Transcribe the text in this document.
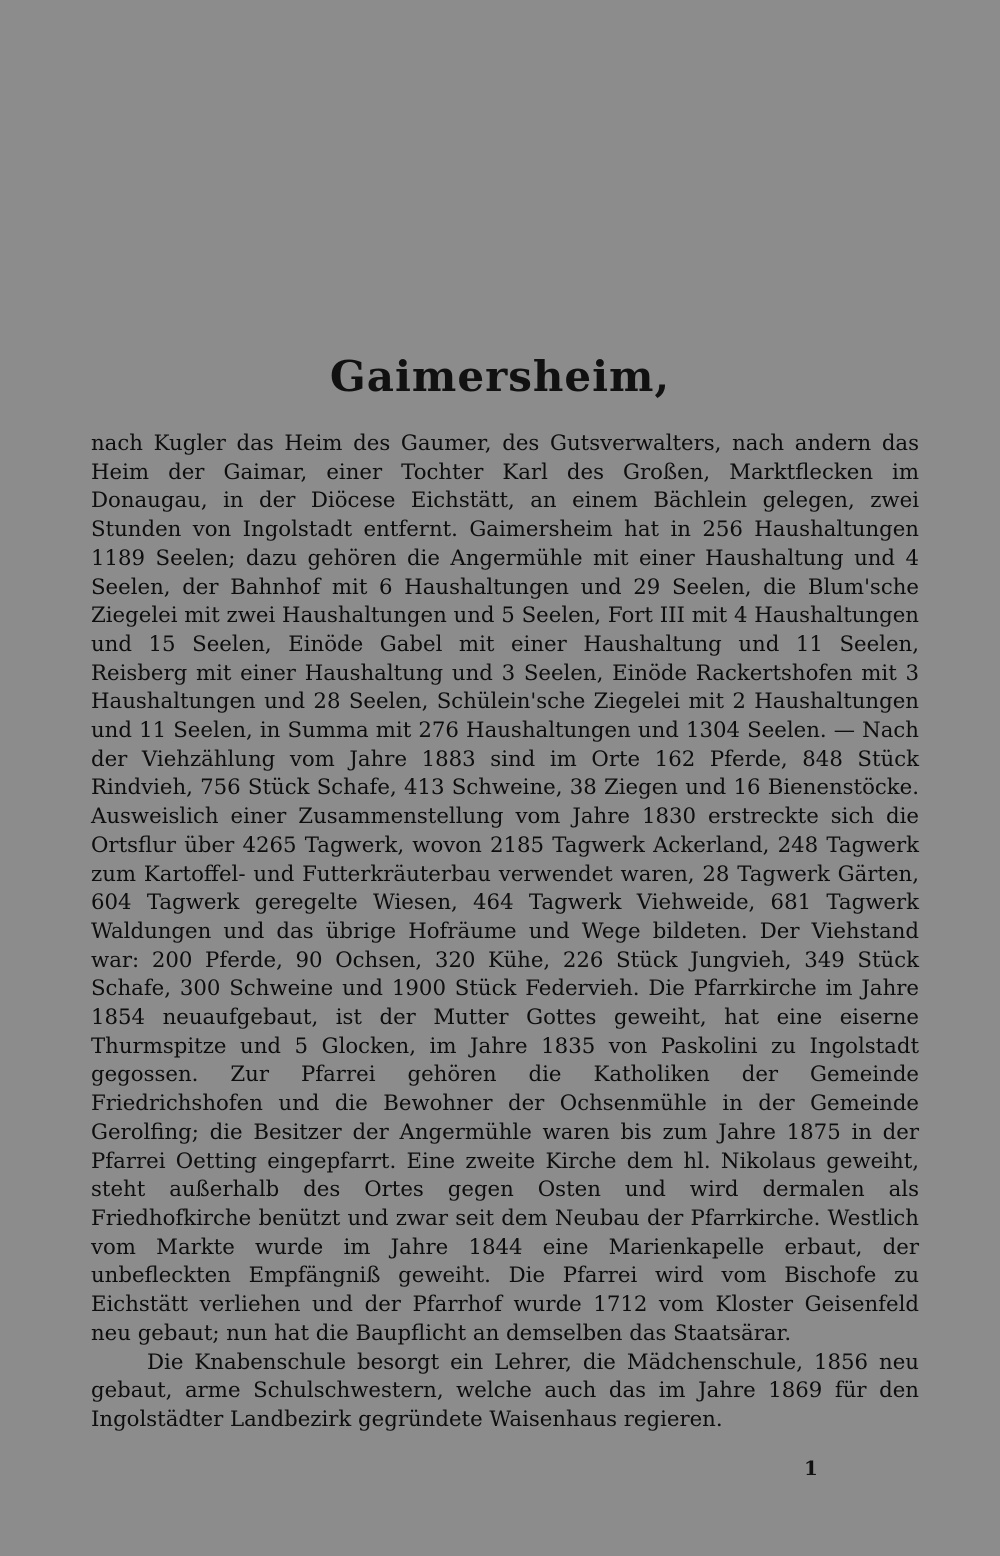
Gaimersheim,

nach Kugler das Heim des Gaumer, des Gutsverwalters, nach andern das Heim der Gaimar, einer Tochter Karl des Großen, Marktflecken im Donaugau, in der Diöcese Eichstätt, an einem Bächlein gelegen, zwei Stunden von Ingolstadt entfernt. Gaimersheim hat in 256 Haushaltungen 1189 Seelen; dazu gehören die Angermühle mit einer Haushaltung und 4 Seelen, der Bahnhof mit 6 Haushaltungen und 29 Seelen, die Blum'sche Ziegelei mit zwei Haushaltungen und 5 Seelen, Fort III mit 4 Haushaltungen und 15 Seelen, Einöde Gabel mit einer Haushaltung und 11 Seelen, Reisberg mit einer Haushaltung und 3 Seelen, Einöde Rackertshofen mit 3 Haushaltungen und 28 Seelen, Schülein'sche Ziegelei mit 2 Haushaltungen und 11 Seelen, in Summa mit 276 Haushaltungen und 1304 Seelen. — Nach der Viehzählung vom Jahre 1883 sind im Orte 162 Pferde, 848 Stück Rindvieh, 756 Stück Schafe, 413 Schweine, 38 Ziegen und 16 Bienenstöcke. Ausweislich einer Zusammenstellung vom Jahre 1830 erstreckte sich die Ortsflur über 4265 Tagwerk, wovon 2185 Tagwerk Ackerland, 248 Tagwerk zum Kartoffel- und Futterkräuterbau verwendet waren, 28 Tagwerk Gärten, 604 Tagwerk geregelte Wiesen, 464 Tagwerk Viehweide, 681 Tagwerk Waldungen und das übrige Hofräume und Wege bildeten. Der Viehstand war: 200 Pferde, 90 Ochsen, 320 Kühe, 226 Stück Jungvieh, 349 Stück Schafe, 300 Schweine und 1900 Stück Federvieh. Die Pfarrkirche im Jahre 1854 neuaufgebaut, ist der Mutter Gottes geweiht, hat eine eiserne Thurmspitze und 5 Glocken, im Jahre 1835 von Paskolini zu Ingolstadt gegossen. Zur Pfarrei gehören die Katholiken der Gemeinde Friedrichshofen und die Bewohner der Ochsenmühle in der Gemeinde Gerolfing; die Besitzer der Angermühle waren bis zum Jahre 1875 in der Pfarrei Oetting eingepfarrt. Eine zweite Kirche dem hl. Nikolaus geweiht, steht außerhalb des Ortes gegen Osten und wird dermalen als Friedhofkirche benützt und zwar seit dem Neubau der Pfarrkirche. Westlich vom Markte wurde im Jahre 1844 eine Marienkapelle erbaut, der unbefleckten Empfängniß geweiht. Die Pfarrei wird vom Bischofe zu Eichstätt verliehen und der Pfarrhof wurde 1712 vom Kloster Geisenfeld neu gebaut; nun hat die Baupflicht an demselben das Staatsärar.

Die Knabenschule besorgt ein Lehrer, die Mädchenschule, 1856 neu gebaut, arme Schulschwestern, welche auch das im Jahre 1869 für den Ingolstädter Landbezirk gegründete Waisenhaus regieren.

1
